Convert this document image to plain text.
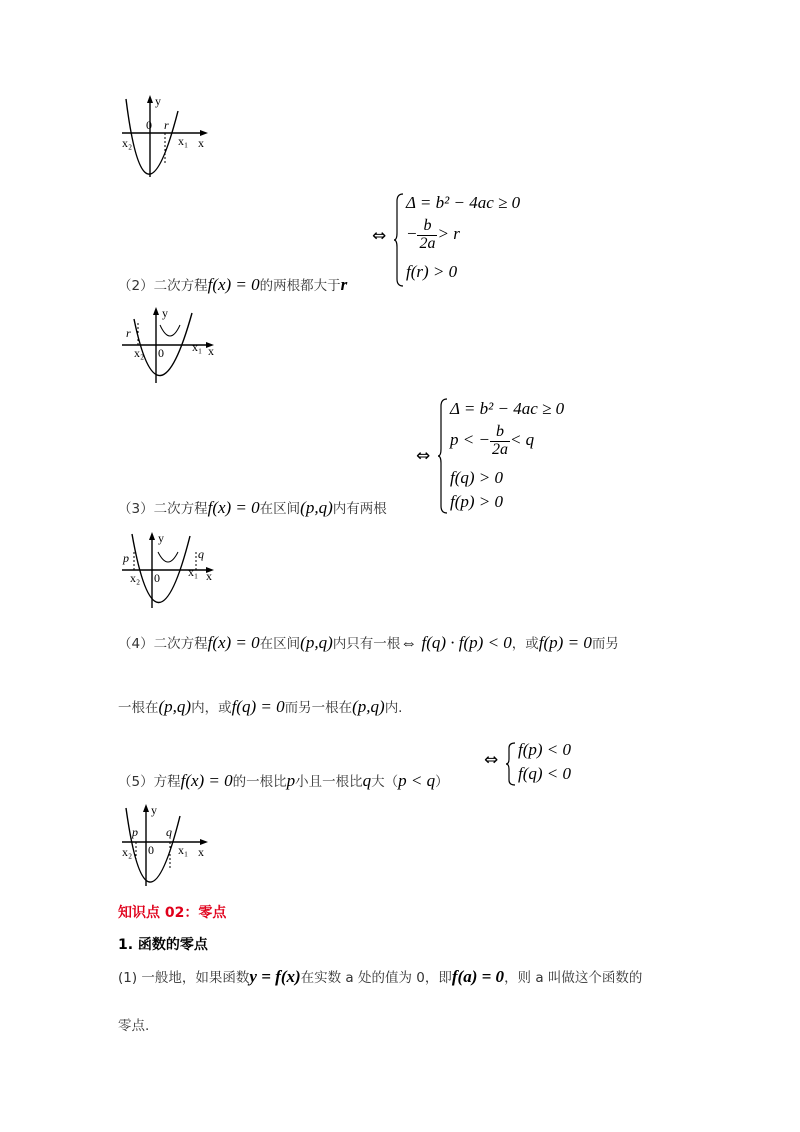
y
0 r
x₂	x₁ x
⇔
Δ = b² − 4ac ≥ 0
− $\frac{b}{2a} > r$
f(r) > 0
（2）二次方程f(x) = 0的两根都大于r
y
r
x₂ 0 x₁ x
⇔
Δ = b² − 4ac ≥ 0
p < − $\frac{b}{2a} < q$
f(q) > 0
f(p) > 0
（3）二次方程f(x) = 0在区间(p,q)内有两根
y
p	q
x₂ 0 x₁ x
（4）二次方程f(x) = 0在区间(p,q)内只有一根⇔ f(q) · f(p) < 0，或f(p) = 0而另
一根在(p,q)内，或f(q) = 0而另一根在(p,q)内.
（5）方程f(x) = 0的一根比p小且一根比q大（p < q）
⇔
f(p) < 0
f(q) < 0
y
p q
x₂ 0 x₁ x
知识点 02：零点
1. 函数的零点
(1) 一般地，如果函数y = f(x)在实数 a 处的值为 0，即f(a) = 0，则 a 叫做这个函数的
零点.
